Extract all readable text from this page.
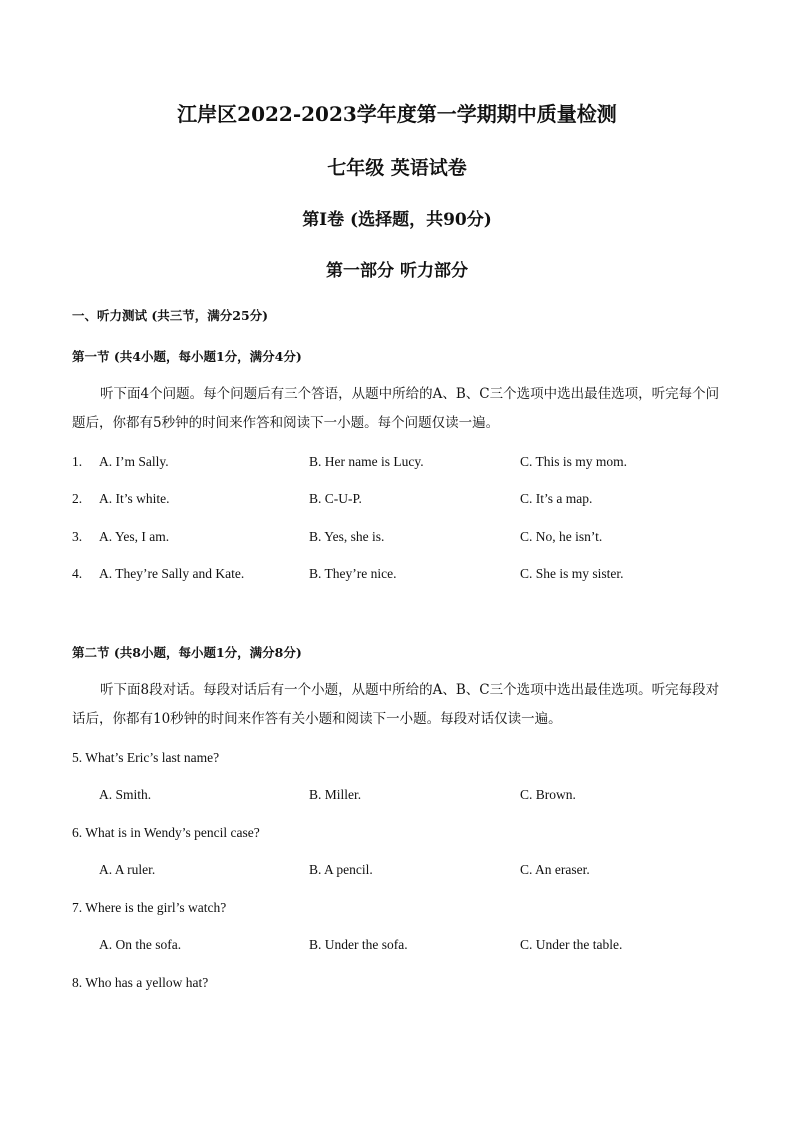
江岸区2022-2023学年度第一学期期中质量检测
七年级 英语试卷
第Ⅰ卷 (选择题，共90分)
第一部分 听力部分
一、听力测试 (共三节，满分25分)
第一节 (共4小题，每小题1分，满分4分)
听下面4个问题。每个问题后有三个答语，从题中所给的A、B、C三个选项中选出最佳选项，听完每个问题后，你都有5秒钟的时间来作答和阅读下一小题。每个问题仅读一遍。
1. A. I’m Sally.	B. Her name is Lucy.	C. This is my mom.
2. A. It’s white.	B. C-U-P.	C. It’s a map.
3. A. Yes, I am.	B. Yes, she is.	C. No, he isn’t.
4. A. They’re Sally and Kate.	B. They’re nice.	C. She is my sister.
第二节 (共8小题，每小题1分，满分8分)
听下面8段对话。每段对话后有一个小题，从题中所给的A、B、C三个选项中选出最佳选项。听完每段对话后，你都有10秒钟的时间来作答有关小题和阅读下一小题。每段对话仅读一遍。
5. What’s Eric’s last name?
A. Smith.	B. Miller.	C. Brown.
6. What is in Wendy’s pencil case?
A. A ruler.	B. A pencil.	C. An eraser.
7. Where is the girl’s watch?
A. On the sofa.	B. Under the sofa.	C. Under the table.
8. Who has a yellow hat?
